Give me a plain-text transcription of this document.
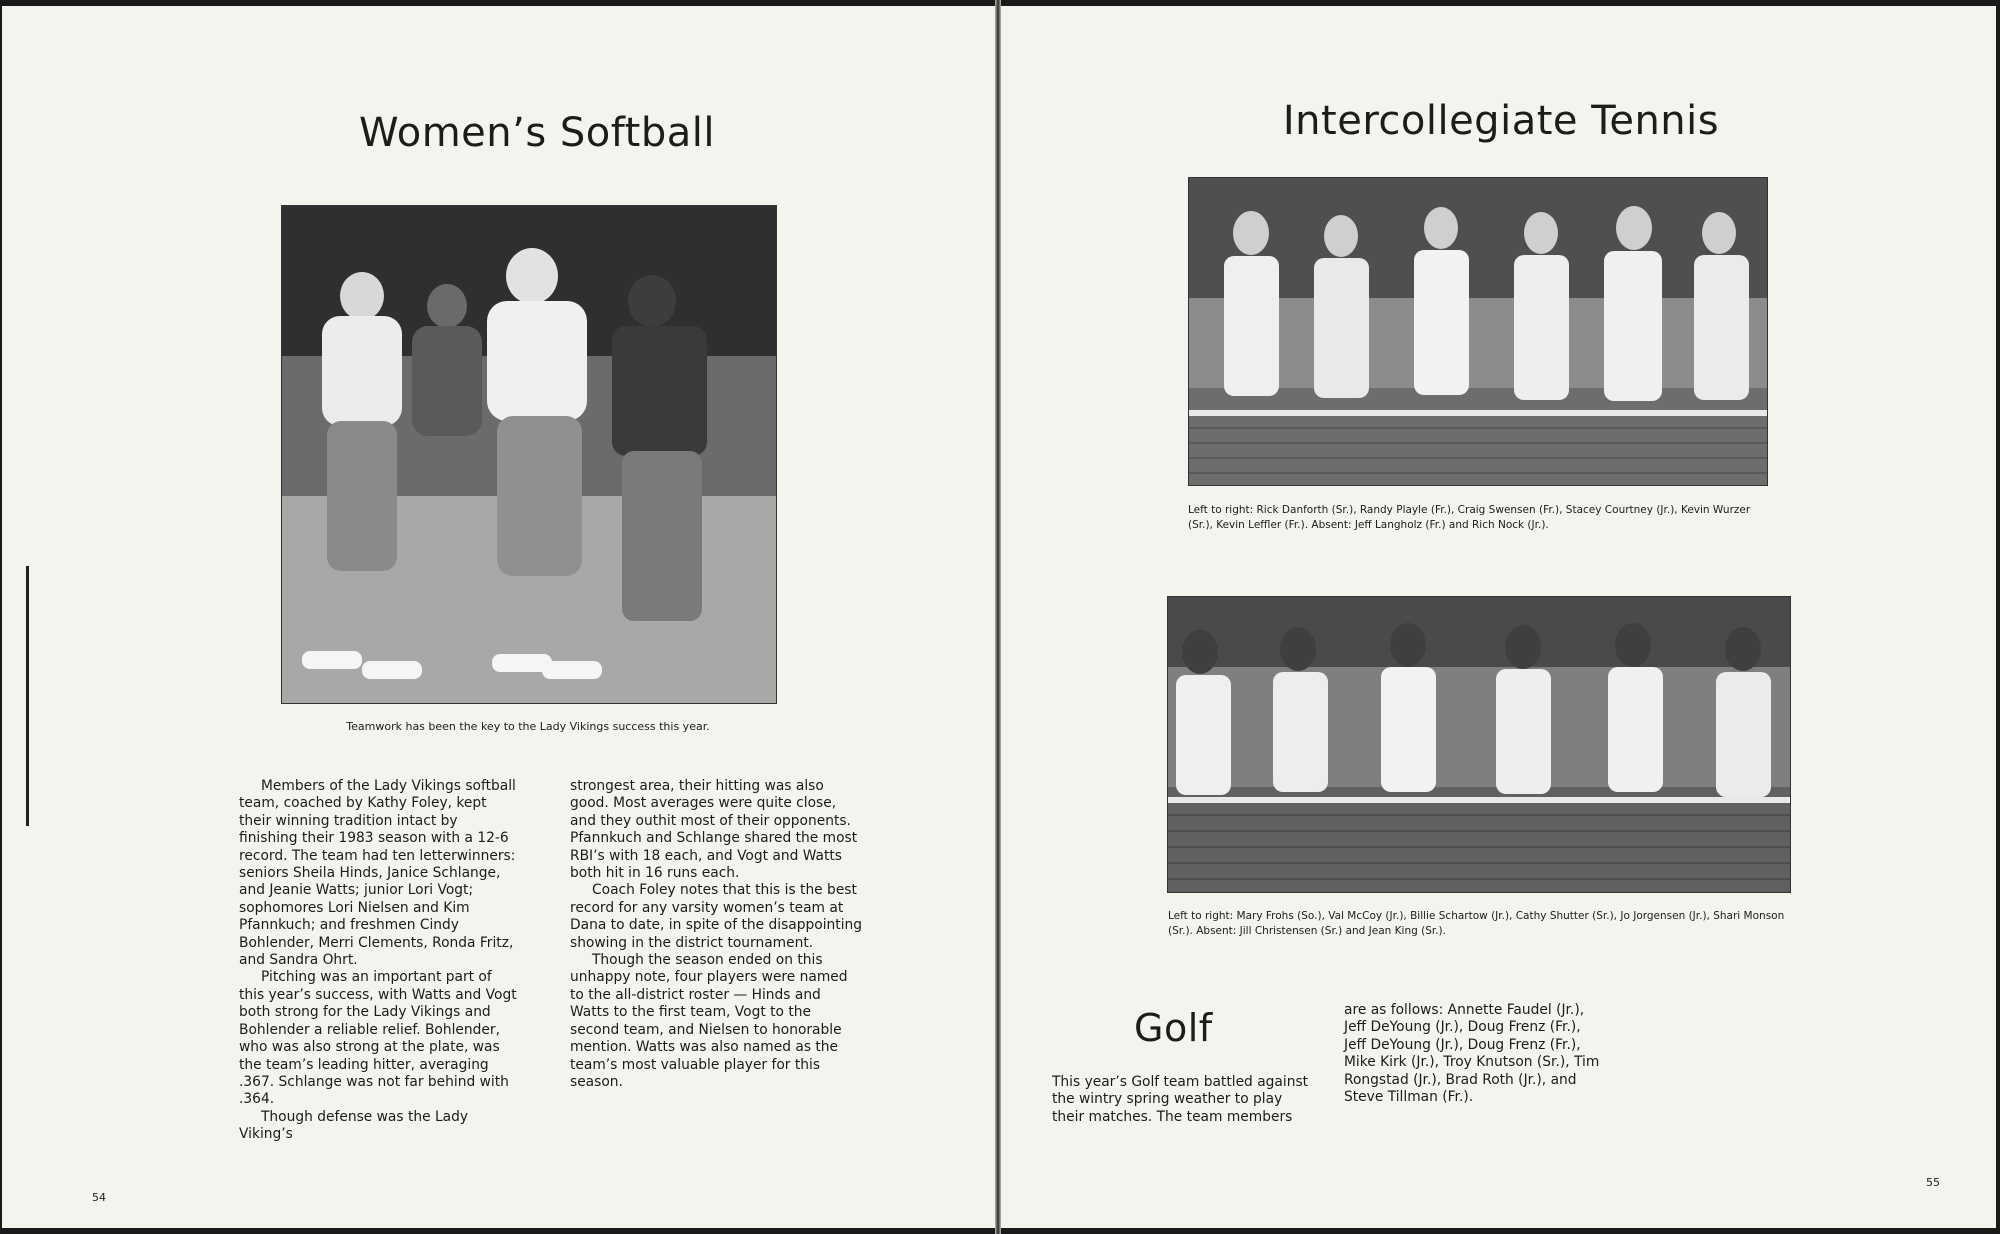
Women’s Softball

Teamwork has been the key to the Lady Vikings success this year.

Members of the Lady Vikings softball team, coached by Kathy Foley, kept their winning tradition intact by finishing their 1983 season with a 12-6 record. The team had ten letterwinners: seniors Sheila Hinds, Janice Schlange, and Jeanie Watts; junior Lori Vogt; sophomores Lori Nielsen and Kim Pfannkuch; and freshmen Cindy Bohlender, Merri Clements, Ronda Fritz, and Sandra Ohrt.

Pitching was an important part of this year’s success, with Watts and Vogt both strong for the Lady Vikings and Bohlender a reliable relief. Bohlender, who was also strong at the plate, was the team’s leading hitter, averaging .367. Schlange was not far behind with .364.

Though defense was the Lady Viking’s

strongest area, their hitting was also good. Most averages were quite close, and they outhit most of their opponents. Pfannkuch and Schlange shared the most RBI’s with 18 each, and Vogt and Watts both hit in 16 runs each.

Coach Foley notes that this is the best record for any varsity women’s team at Dana to date, in spite of the disappointing showing in the district tournament.

Though the season ended on this unhappy note, four players were named to the all-district roster — Hinds and Watts to the first team, Vogt to the second team, and Nielsen to honorable mention. Watts was also named as the team’s most valuable player for this season.

54
Intercollegiate Tennis

Left to right: Rick Danforth (Sr.), Randy Playle (Fr.), Craig Swensen (Fr.), Stacey Courtney (Jr.), Kevin Wurzer (Sr.), Kevin Leffler (Fr.). Absent: Jeff Langholz (Fr.) and Rich Nock (Jr.).

Left to right: Mary Frohs (So.), Val McCoy (Jr.), Billie Schartow (Jr.), Cathy Shutter (Sr.), Jo Jorgensen (Jr.), Shari Monson (Sr.). Absent: Jill Christensen (Sr.) and Jean King (Sr.).

Golf

This year’s Golf team battled against the wintry spring weather to play their matches. The team members

are as follows: Annette Faudel (Jr.), Jeff DeYoung (Jr.), Doug Frenz (Fr.), Jeff DeYoung (Jr.), Doug Frenz (Fr.), Mike Kirk (Jr.), Troy Knutson (Sr.), Tim Rongstad (Jr.), Brad Roth (Jr.), and Steve Tillman (Fr.).

55
